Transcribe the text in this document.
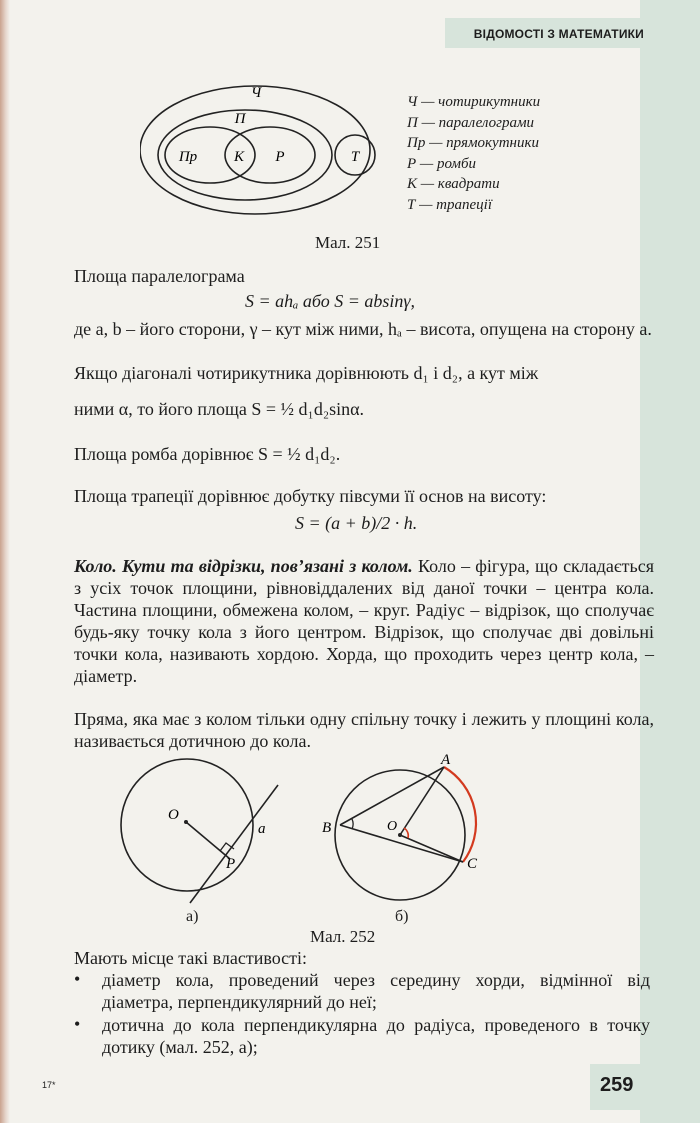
ВІДОМОСТІ З МАТЕМАТИКИ
Ч
П
Пр К Р	Т
Ч — чотирикутники
П — паралелограми
Пр — прямокутники
Р — ромби
К — квадрати
Т — трапеції
Мал. 251
Площа паралелограма
S = ahₐ або S = absinγ,
де a, b – його сторони, γ – кут між ними, hₐ – висота, опущена на сторону a.
Якщо діагоналі чотирикутника дорівнюють d₁ і d₂, а кут між
ними α, то його площа S = ½ d₁d₂sinα.
Площа ромба дорівнює S = ½ d₁d₂.
Площа трапеції дорівнює добутку півсуми її основ на висоту:
S = (a + b)/2 · h.
Коло. Кути та відрізки, пов’язані з колом. Коло – фігура, що складається з усіх точок площини, рівновіддалених від даної точки – центра кола. Частина площини, обмежена колом, – круг. Радіус – відрізок, що сполучає будь-яку точку кола з його центром. Відрізок, що сполучає дві довільні точки кола, називають хордою. Хорда, що проходить через центр кола, – діаметр.
Пряма, яка має з колом тільки одну спільну точку і лежить у площині кола, називається дотичною до кола.
O
a
P
A
B	O
C
а)	б)
Мал. 252
Мають місце такі властивості:
• діаметр кола, проведений через середину хорди, відмінної від діаметра, перпендикулярний до неї;
• дотична до кола перпендикулярна до радіуса, проведеного в точку дотику (мал. 252, а);
17*	259
